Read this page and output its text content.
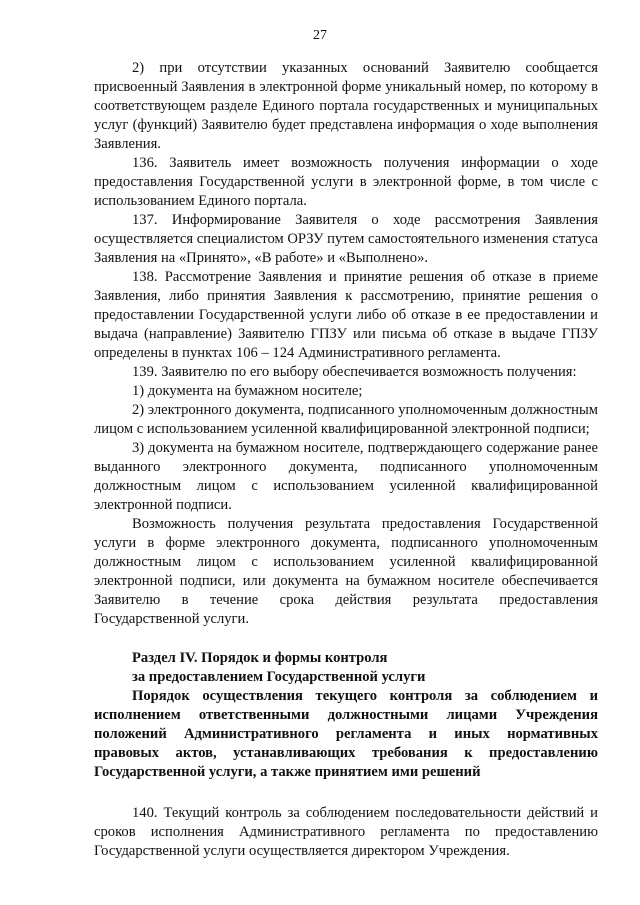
27

2) при отсутствии указанных оснований Заявителю сообщается присвоенный Заявления в электронной форме уникальный номер, по которому в соответствующем разделе Единого портала государственных и муниципальных услуг (функций) Заявителю будет представлена информация о ходе выполнения Заявления.

136. Заявитель имеет возможность получения информации о ходе предоставления Государственной услуги в электронной форме, в том числе с использованием Единого портала.

137. Информирование Заявителя о ходе рассмотрения Заявления осуществляется специалистом ОРЗУ путем самостоятельного изменения статуса Заявления на «Принято», «В работе» и «Выполнено».

138. Рассмотрение Заявления и принятие решения об отказе в приеме Заявления, либо принятия Заявления к рассмотрению, принятие решения о предоставлении Государственной услуги либо об отказе в ее предоставлении и выдача (направление) Заявителю ГПЗУ или письма об отказе в выдаче ГПЗУ определены в пунктах 106 – 124 Административного регламента.

139. Заявителю по его выбору обеспечивается возможность получения:

1) документа на бумажном носителе;

2) электронного документа, подписанного уполномоченным должностным лицом с использованием усиленной квалифицированной электронной подписи;

3) документа на бумажном носителе, подтверждающего содержание ранее выданного электронного документа, подписанного уполномоченным должностным лицом с использованием усиленной квалифицированной электронной подписи.

Возможность получения результата предоставления Государственной услуги в форме электронного документа, подписанного уполномоченным должностным лицом с использованием усиленной квалифицированной электронной подписи, или документа на бумажном носителе обеспечивается Заявителю в течение срока действия результата предоставления Государственной услуги.

Раздел IV. Порядок и формы контроля

за предоставлением Государственной услуги

Порядок осуществления текущего контроля за соблюдением и исполнением ответственными должностными лицами Учреждения положений Административного регламента и иных нормативных правовых актов, устанавливающих требования к предоставлению Государственной услуги, а также принятием ими решений

140. Текущий контроль за соблюдением последовательности действий и сроков исполнения Административного регламента по предоставлению Государственной услуги осуществляется директором Учреждения.
